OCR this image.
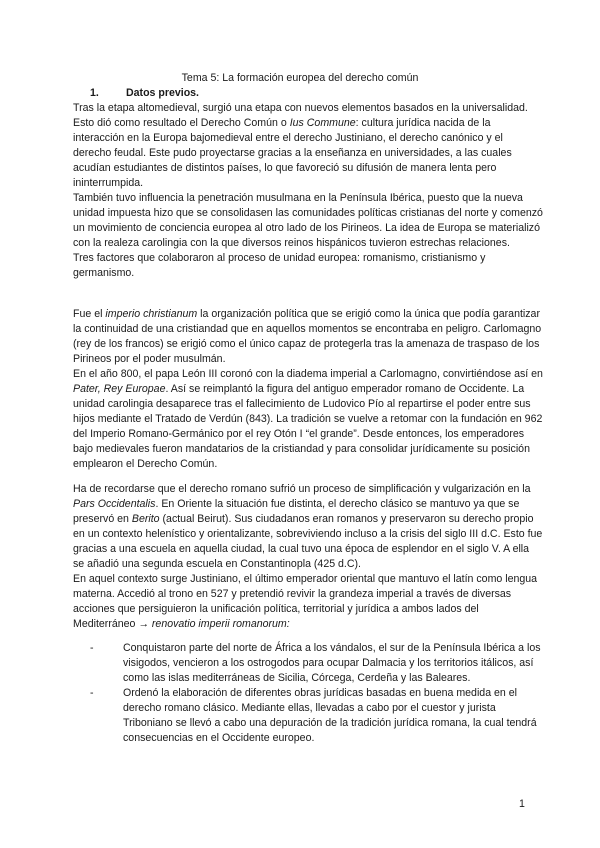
Tema 5: La formación europea del derecho común
1.	Datos previos.

Tras la etapa altomedieval, surgió una etapa con nuevos elementos basados en la universalidad. Esto dió como resultado el Derecho Común o Ius Commune: cultura jurídica nacida de la interacción en la Europa bajomedieval entre el derecho Justiniano, el derecho canónico y el derecho feudal. Este pudo proyectarse gracias a la enseñanza en universidades, a las cuales acudían estudiantes de distintos países, lo que favoreció su difusión de manera lenta pero ininterrumpida.

También tuvo influencia la penetración musulmana en la Península Ibérica, puesto que la nueva unidad impuesta hizo que se consolidasen las comunidades políticas cristianas del norte y comenzó un movimiento de conciencia europea al otro lado de los Pirineos. La idea de Europa se materializó con la realeza carolingia con la que diversos reinos hispánicos tuvieron estrechas relaciones.

Tres factores que colaboraron al proceso de unidad europea: romanismo, cristianismo y germanismo.

Fue el imperio christianum la organización política que se erigió como la única que podía garantizar la continuidad de una cristiandad que en aquellos momentos se encontraba en peligro. Carlomagno (rey de los francos) se erigió como el único capaz de protegerla tras la amenaza de traspaso de los Pirineos por el poder musulmán.

En el año 800, el papa León III coronó con la diadema imperial a Carlomagno, convirtiéndose así en Pater, Rey Europae. Así se reimplantó la figura del antiguo emperador romano de Occidente. La unidad carolingia desaparece tras el fallecimiento de Ludovico Pío al repartirse el poder entre sus hijos mediante el Tratado de Verdún (843). La tradición se vuelve a retomar con la fundación en 962 del Imperio Romano-Germánico por el rey Otón I “el grande”. Desde entonces, los emperadores bajo medievales fueron mandatarios de la cristiandad y para consolidar jurídicamente su posición emplearon el Derecho Común.

Ha de recordarse que el derecho romano sufrió un proceso de simplificación y vulgarización en la Pars Occidentalis. En Oriente la situación fue distinta, el derecho clásico se mantuvo ya que se preservó en Berito (actual Beirut). Sus ciudadanos eran romanos y preservaron su derecho propio en un contexto helenístico y orientalizante, sobreviviendo incluso a la crisis del siglo III d.C. Esto fue gracias a una escuela en aquella ciudad, la cual tuvo una época de esplendor en el siglo V. A ella se añadió una segunda escuela en Constantinopla (425 d.C).

En aquel contexto surge Justiniano, el último emperador oriental que mantuvo el latín como lengua materna. Accedió al trono en 527 y pretendió revivir la grandeza imperial a través de diversas acciones que persiguieron la unificación política, territorial y jurídica a ambos lados del Mediterráneo → renovatio imperii romanorum:

-	Conquistaron parte del norte de África a los vándalos, el sur de la Península Ibérica a los visigodos, vencieron a los ostrogodos para ocupar Dalmacia y los territorios itálicos, así como las islas mediterráneas de Sicilia, Córcega, Cerdeña y las Baleares.
-	Ordenó la elaboración de diferentes obras jurídicas basadas en buena medida en el derecho romano clásico. Mediante ellas, llevadas a cabo por el cuestor y jurista Triboniano se llevó a cabo una depuración de la tradición jurídica romana, la cual tendrá consecuencias en el Occidente europeo.
1
